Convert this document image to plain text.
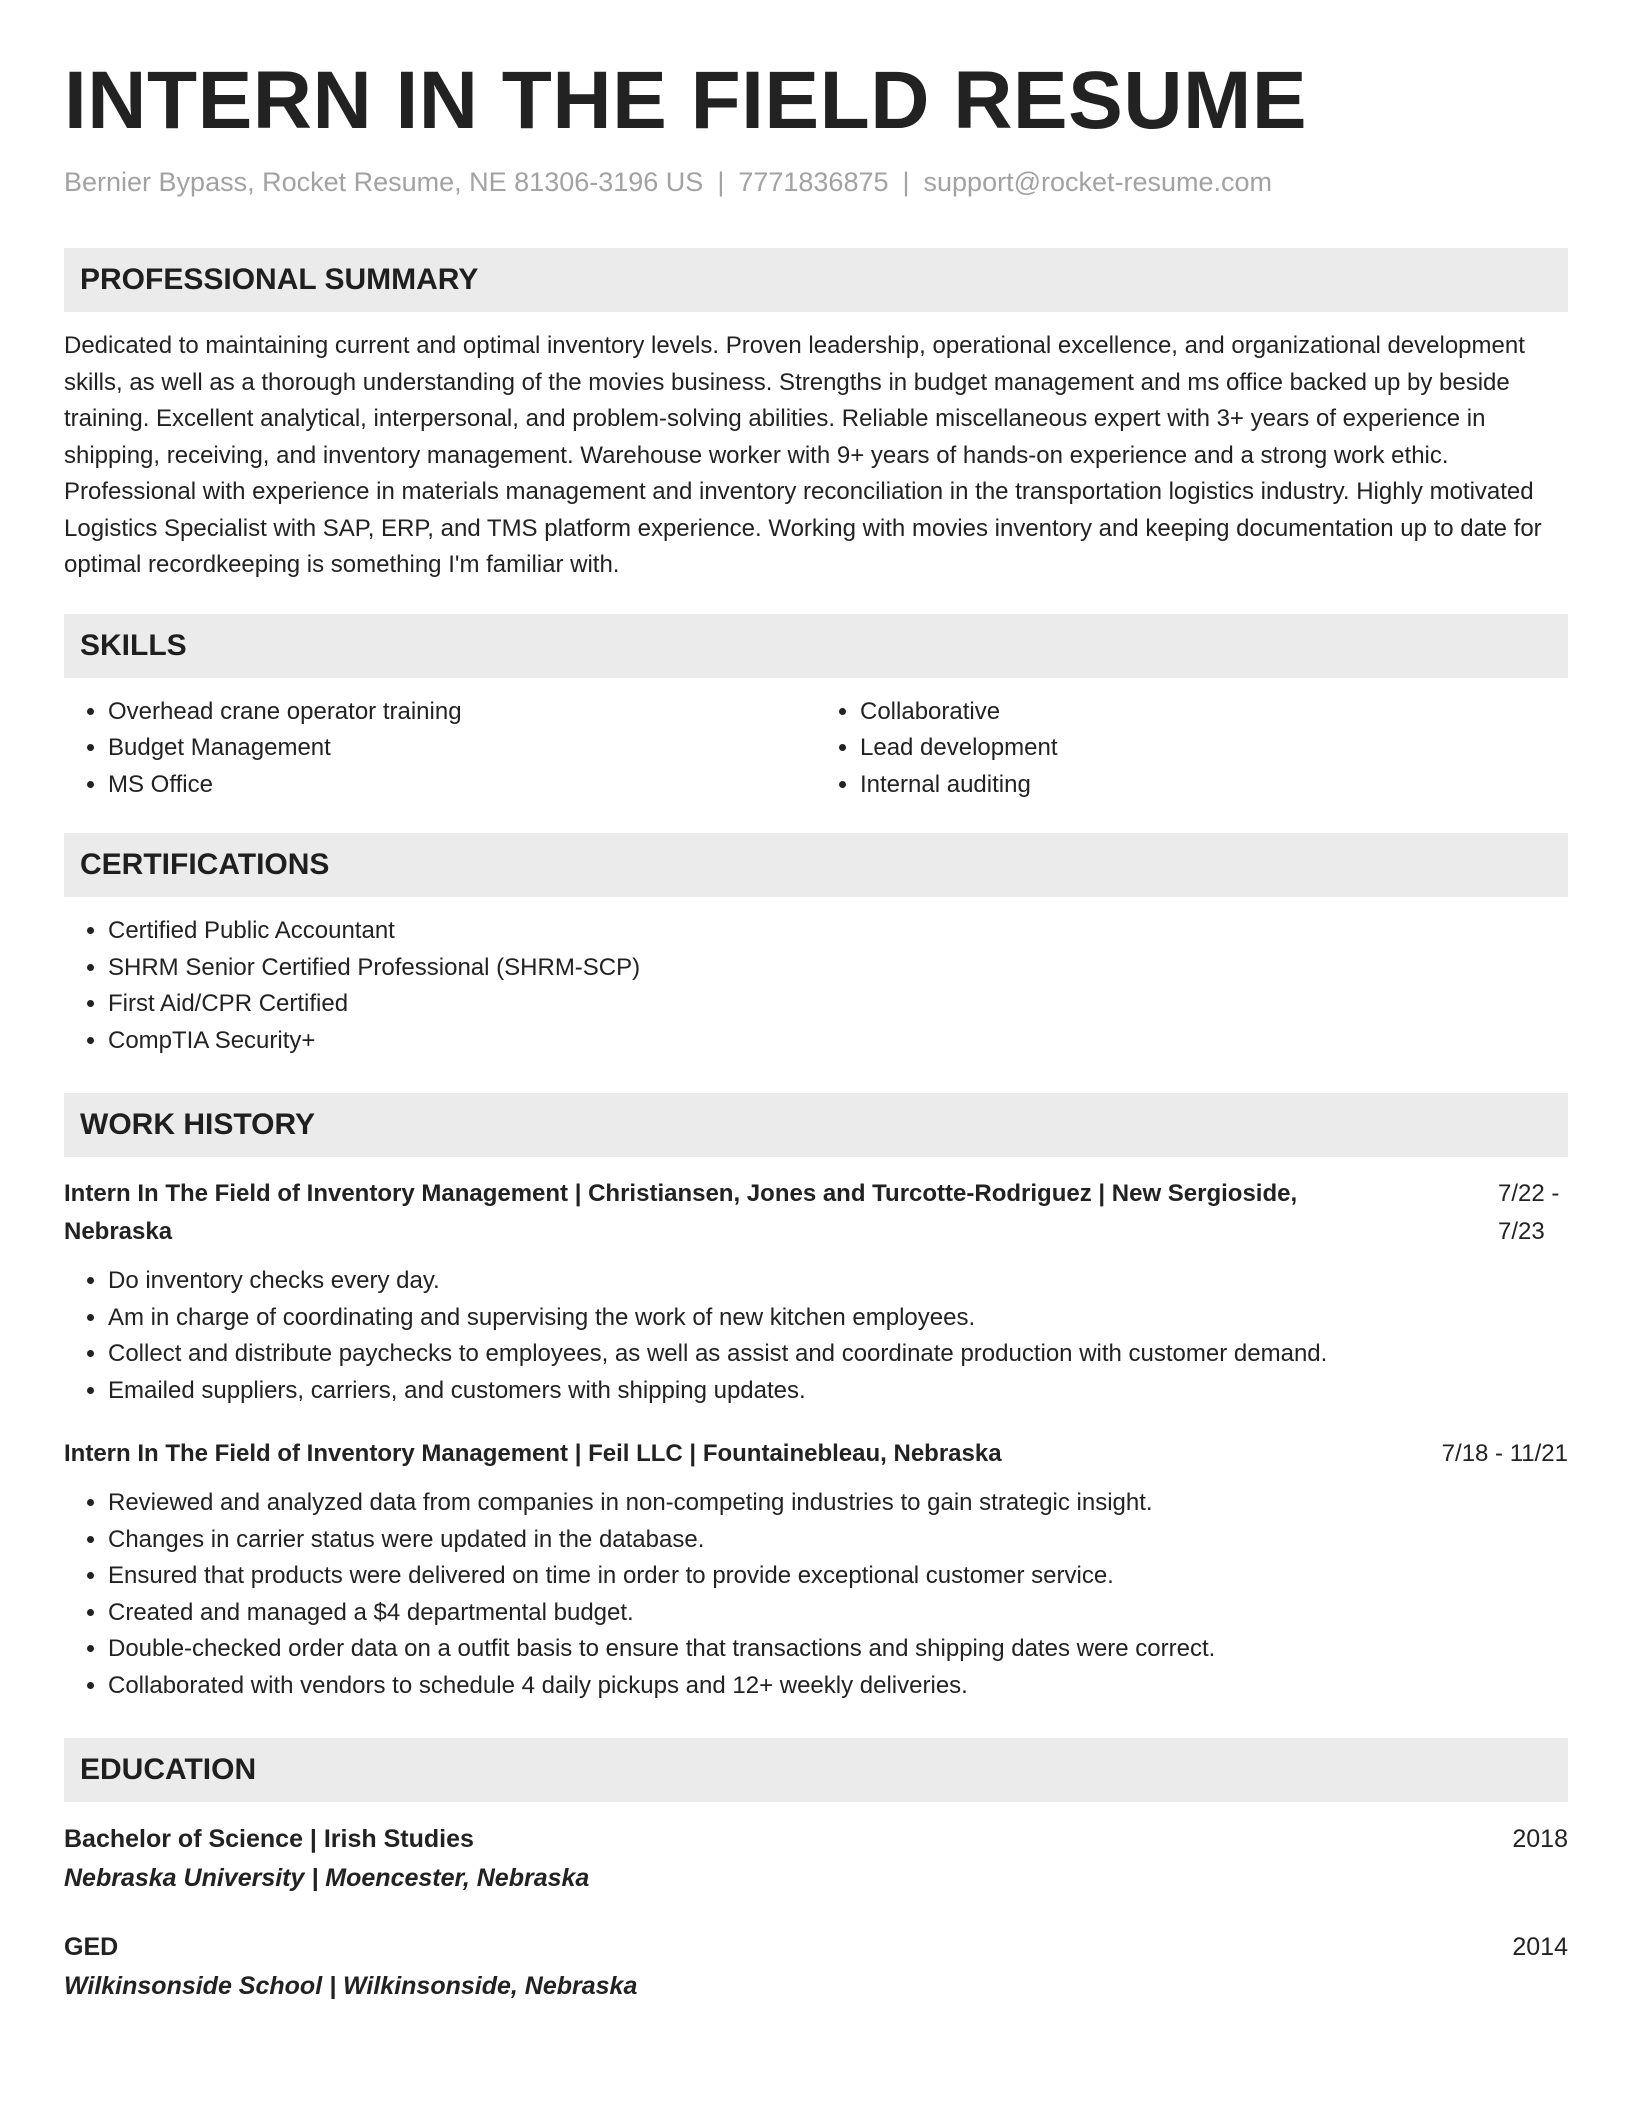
INTERN IN THE FIELD RESUME
Bernier Bypass, Rocket Resume, NE 81306-3196 US | 7771836875 | support@rocket-resume.com
PROFESSIONAL SUMMARY

Dedicated to maintaining current and optimal inventory levels. Proven leadership, operational excellence, and organizational development skills, as well as a thorough understanding of the movies business. Strengths in budget management and ms office backed up by beside training. Excellent analytical, interpersonal, and problem-solving abilities. Reliable miscellaneous expert with 3+ years of experience in shipping, receiving, and inventory management. Warehouse worker with 9+ years of hands-on experience and a strong work ethic. Professional with experience in materials management and inventory reconciliation in the transportation logistics industry. Highly motivated Logistics Specialist with SAP, ERP, and TMS platform experience. Working with movies inventory and keeping documentation up to date for optimal recordkeeping is something I'm familiar with.

SKILLS
• Overhead crane operator training
• Budget Management
• MS Office
• Collaborative
• Lead development
• Internal auditing
CERTIFICATIONS
• Certified Public Accountant
• SHRM Senior Certified Professional (SHRM-SCP)
• First Aid/CPR Certified
• CompTIA Security+
WORK HISTORY
Intern In The Field of Inventory Management | Christiansen, Jones and Turcotte-Rodriguez | New Sergioside, Nebraska
7/22 - 7/23
• Do inventory checks every day.
• Am in charge of coordinating and supervising the work of new kitchen employees.
• Collect and distribute paychecks to employees, as well as assist and coordinate production with customer demand.
• Emailed suppliers, carriers, and customers with shipping updates.
Intern In The Field of Inventory Management | Feil LLC | Fountainebleau, Nebraska	7/18 - 11/21
• Reviewed and analyzed data from companies in non-competing industries to gain strategic insight.
• Changes in carrier status were updated in the database.
• Ensured that products were delivered on time in order to provide exceptional customer service.
• Created and managed a $4 departmental budget.
• Double-checked order data on a outfit basis to ensure that transactions and shipping dates were correct.
• Collaborated with vendors to schedule 4 daily pickups and 12+ weekly deliveries.
EDUCATION
Bachelor of Science | Irish Studies	2018
Nebraska University | Moencester, Nebraska
GED	2014
Wilkinsonside School | Wilkinsonside, Nebraska
